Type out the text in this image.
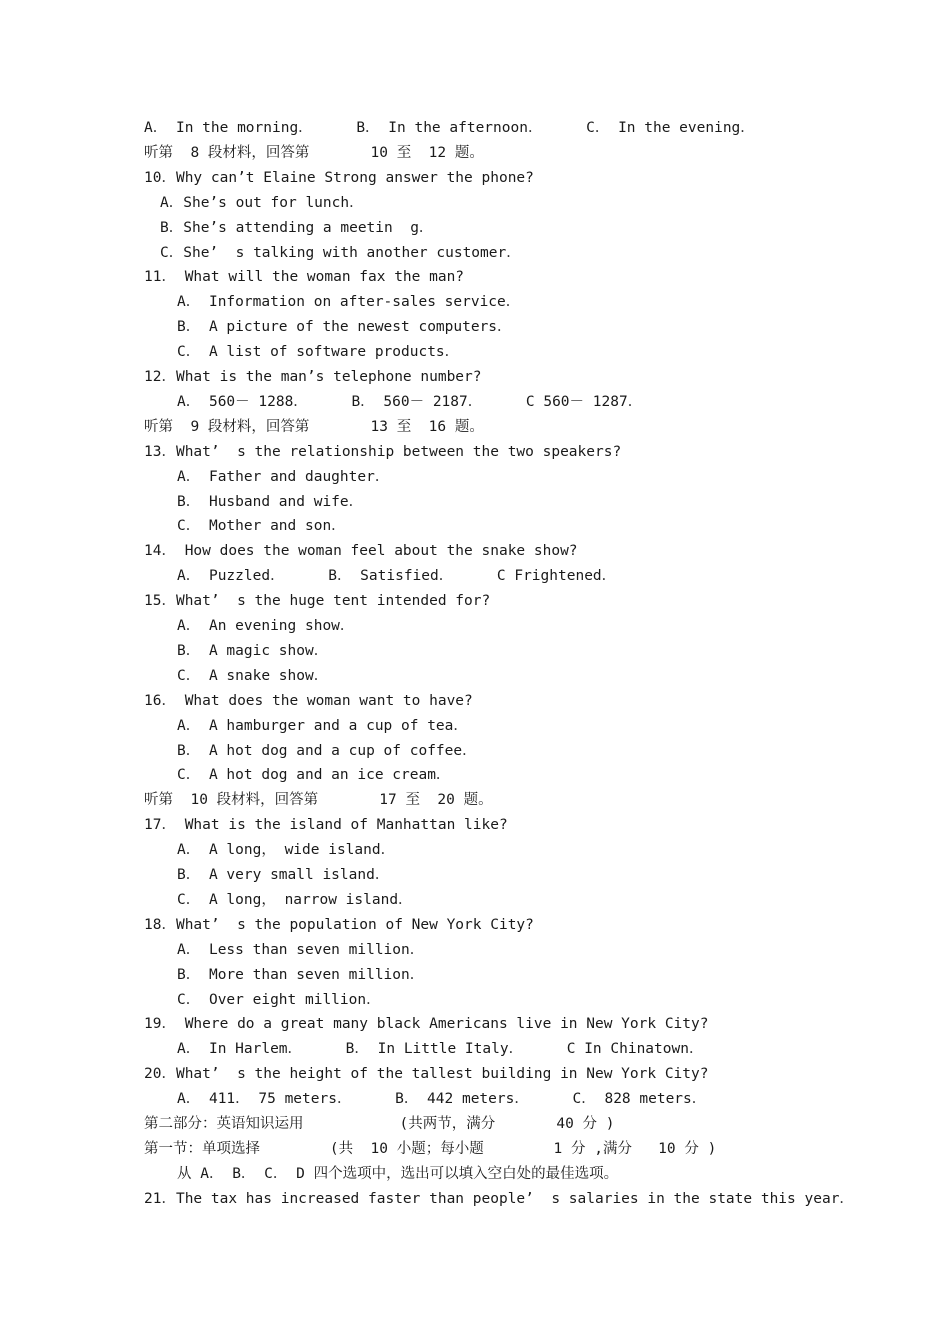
A． In the morning．     B． In the afternoon．     C． In the evening．
听第  8 段材料，回答第       10 至  12 题。
10．Why can’t Elaine Strong answer the phone?
A．She’s out for lunch．
B．She’s attending a meetin  g．
C．She’  s talking with another customer．
11． What will the woman fax the man?
A． Information on after-sales service．
B． A picture of the newest computers．
C． A list of software products．
12．What is the man’s telephone number?
A． 560－ 1288．     B． 560－ 2187．     C 560－ 1287．
听第  9 段材料，回答第       13 至  16 题。
13．What’  s the relationship between the two speakers?
A． Father and daughter．
B． Husband and wife．
C． Mother and son．
14． How does the woman feel about the snake show?
A． Puzzled．     B． Satisfied．     C Frightened．
15．What’  s the huge tent intended for?
A． An evening show．
B． A magic show．
C． A snake show．
16． What does the woman want to have?
A． A hamburger and a cup of tea．
B． A hot dog and a cup of coffee．
C． A hot dog and an ice cream．
听第  10 段材料，回答第       17 至  20 题。
17． What is the island of Manhattan like?
A． A long， wide island．
B． A very small island．
C． A long， narrow island．
18．What’  s the population of New York City?
A． Less than seven million．
B． More than seven million．
C． Over eight million．
19． Where do a great many black Americans live in New York City?
A． In Harlem．     B． In Little Italy．     C In Chinatown．
20．What’  s the height of the tallest building in New York City?
A． 411． 75 meters．     B． 442 meters．     C． 828 meters．
第二部分：英语知识运用           (共两节，满分       40 分 )
第一节：单项选择        (共  10 小题；每小题        1 分 ,满分   10 分 )
从 A． B． C． D 四个选项中，选出可以填入空白处的最佳选项。
21．The tax has increased faster than people’  s salaries in the state this year．
